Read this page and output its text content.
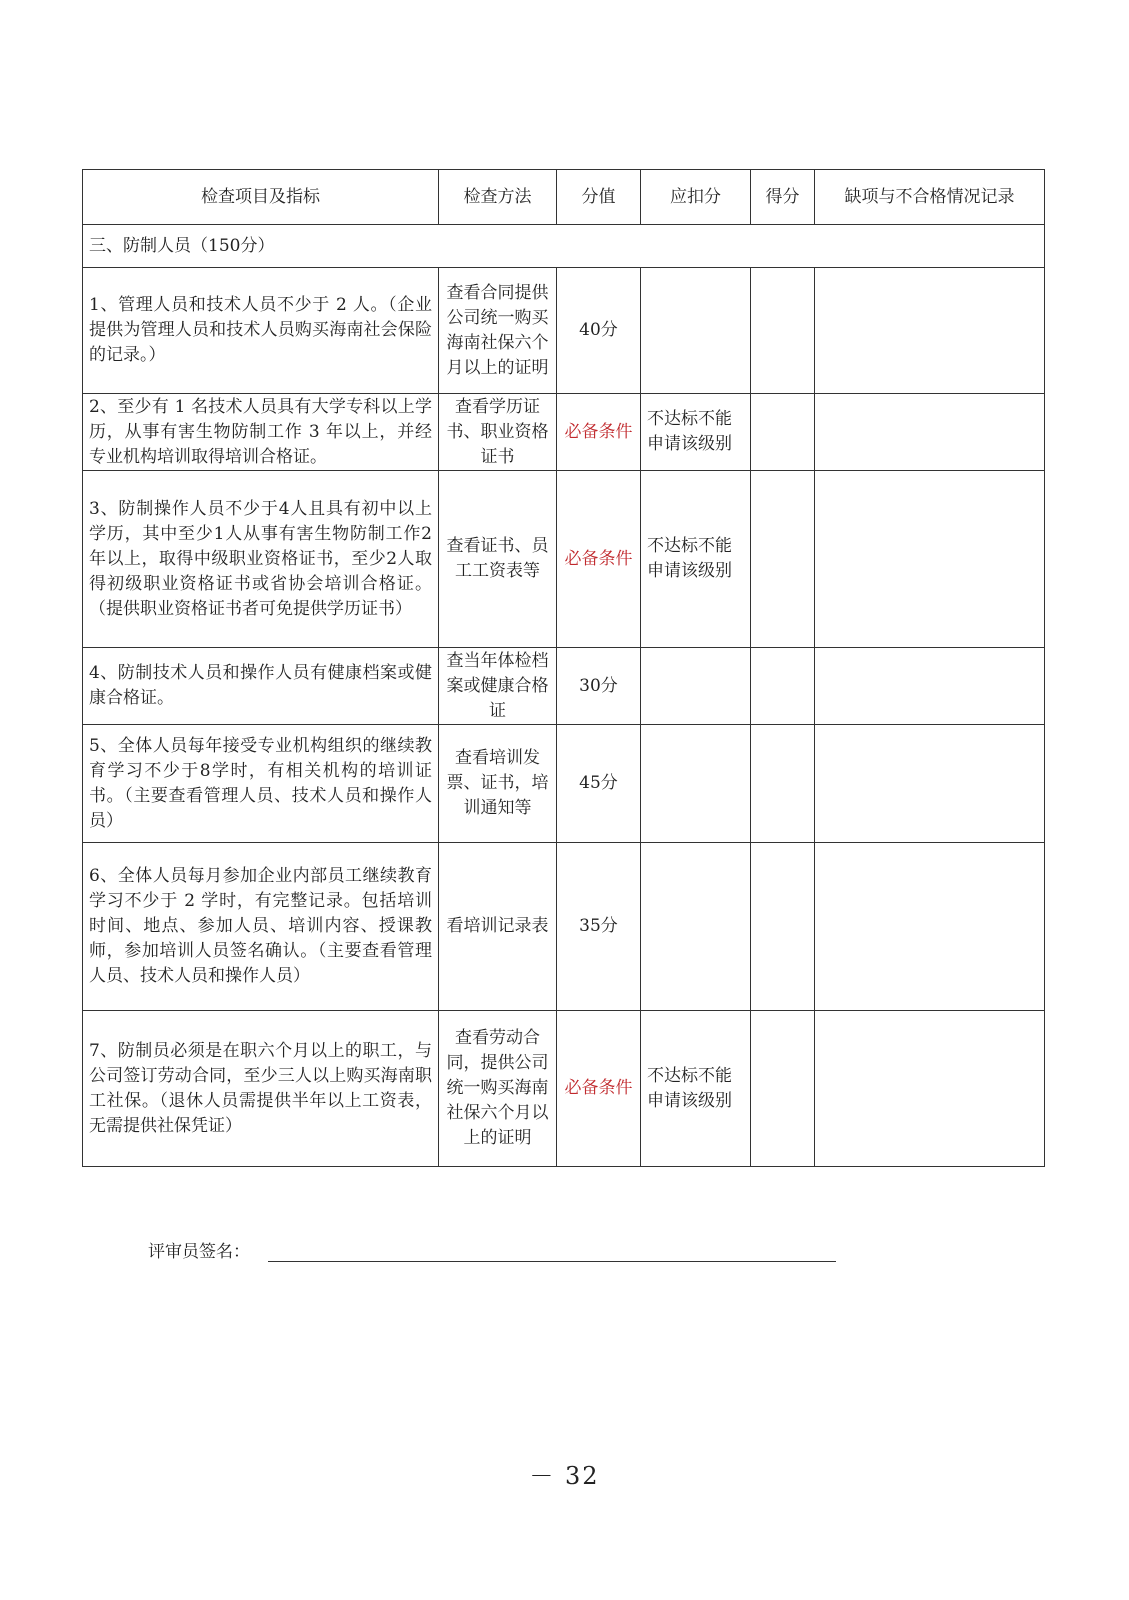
检查项目及指标	检查方法	分值	应扣分	得分	缺项与不合格情况记录
三、防制人员（150分）					
1、管理人员和技术人员不少于 2 人。（企业提供为管理人员和技术人员购买海南社会保险的记录。）	查看合同提供公司统一购买海南社保六个月以上的证明	40分			
2、至少有 1 名技术人员具有大学专科以上学历，从事有害生物防制工作 3 年以上，并经专业机构培训取得培训合格证。	查看学历证书、职业资格证书	必备条件	不达标不能申请该级别		
3、防制操作人员不少于4人且具有初中以上学历，其中至少1人从事有害生物防制工作2年以上，取得中级职业资格证书，至少2人取得初级职业资格证书或省协会培训合格证。（提供职业资格证书者可免提供学历证书）	查看证书、员工工资表等	必备条件	不达标不能申请该级别		
4、防制技术人员和操作人员有健康档案或健康合格证。	查当年体检档案或健康合格证	30分			
5、全体人员每年接受专业机构组织的继续教育学习不少于8学时，有相关机构的培训证书。（主要查看管理人员、技术人员和操作人员）	查看培训发票、证书，培训通知等	45分			
6、全体人员每月参加企业内部员工继续教育学习不少于 2 学时，有完整记录。包括培训时间、地点、参加人员、培训内容、授课教师，参加培训人员签名确认。（主要查看管理人员、技术人员和操作人员）	看培训记录表	35分			
7、防制员必须是在职六个月以上的职工，与公司签订劳动合同，至少三人以上购买海南职工社保。（退休人员需提供半年以上工资表，无需提供社保凭证）	查看劳动合同，提供公司统一购买海南社保六个月以上的证明	必备条件	不达标不能申请该级别		
评审员签名：
－ 32
